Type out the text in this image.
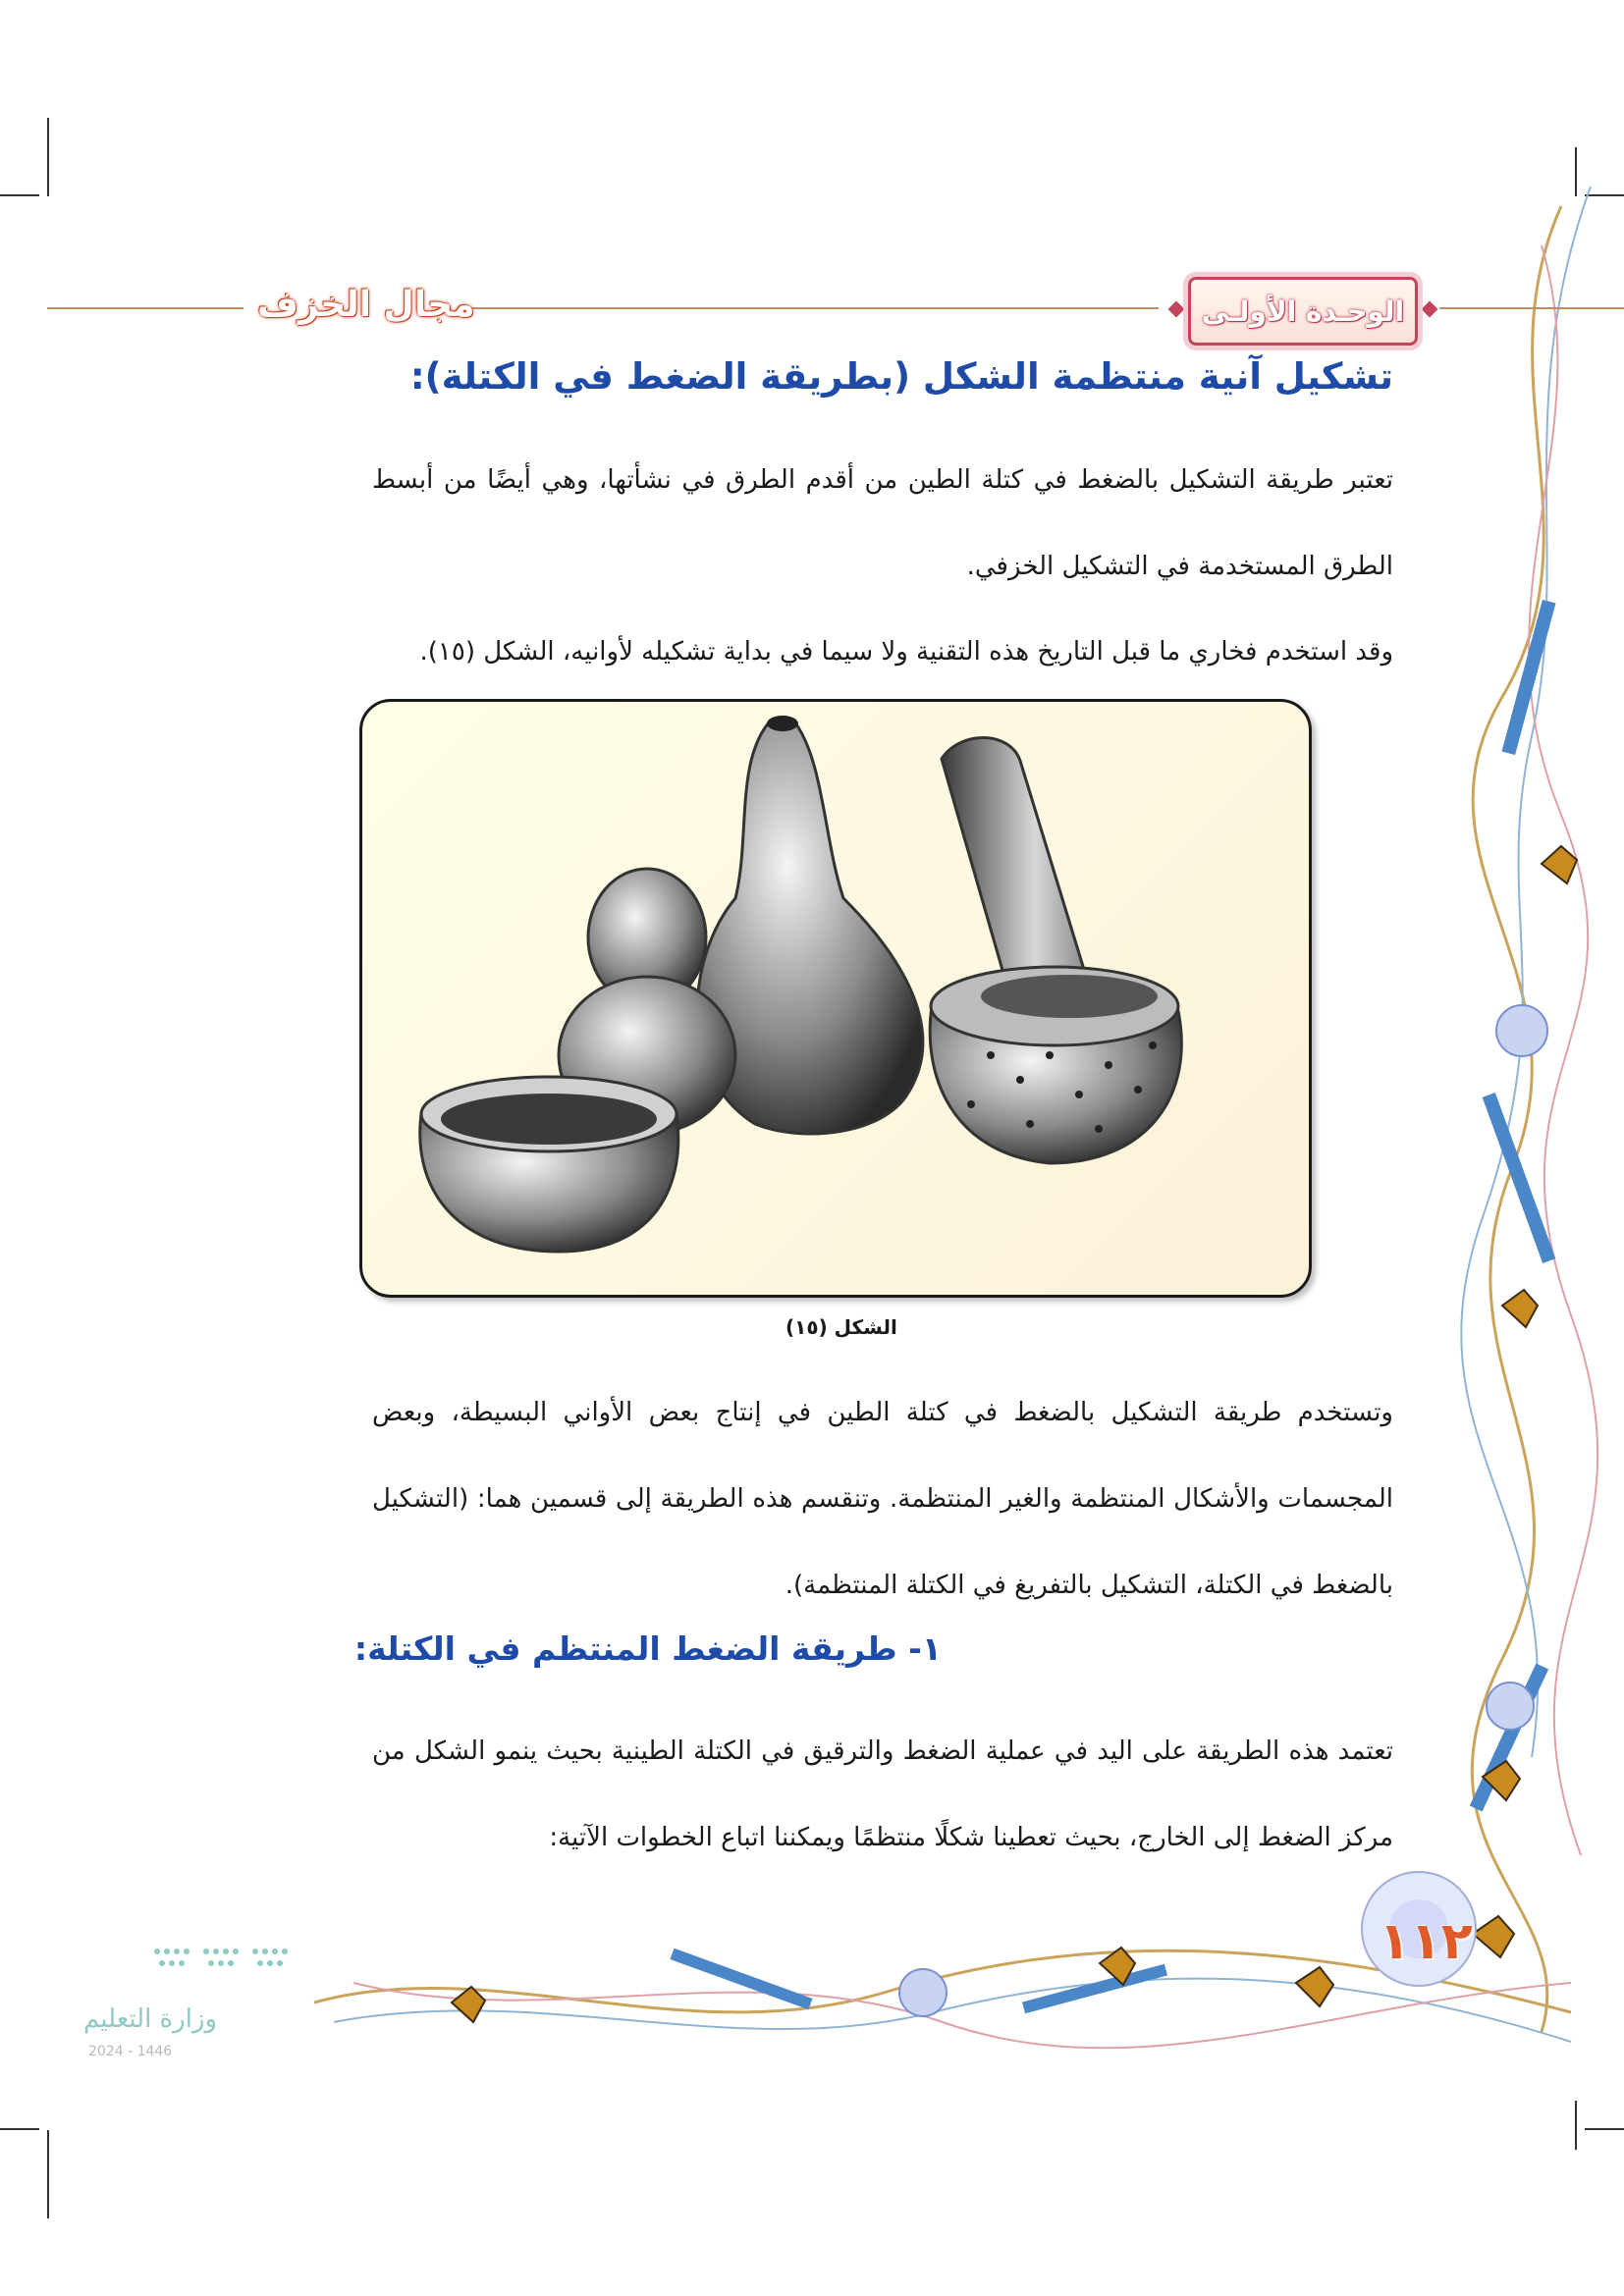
مجال الخزف	الوحـدة الأولـى
تشكيل آنية منتظمة الشكل (بطريقة الضغط في الكتلة):
تعتبر طريقة التشكيل بالضغط في كتلة الطين من أقدم الطرق في نشأتها، وهي أيضًا من أبسط الطرق المستخدمة في التشكيل الخزفي.
وقد استخدم فخاري ما قبل التاريخ هذه التقنية ولا سيما في بداية تشكيله لأوانيه، الشكل (١٥).
الشكل (١٥)
وتستخدم طريقة التشكيل بالضغط في كتلة الطين في إنتاج بعض الأواني البسيطة، وبعض المجسمات والأشكال المنتظمة والغير المنتظمة. وتنقسم هذه الطريقة إلى قسمين هما: (التشكيل بالضغط في الكتلة، التشكيل بالتفريغ في الكتلة المنتظمة).
١- طريقة الضغط المنتظم في الكتلة:
تعتمد هذه الطريقة على اليد في عملية الضغط والترقيق في الكتلة الطينية بحيث ينمو الشكل من مركز الضغط إلى الخارج، بحيث تعطينا شكلًا منتظمًا ويمكننا اتباع الخطوات الآتية:
١١٢
وزارة التعليم
2024 - 1446
